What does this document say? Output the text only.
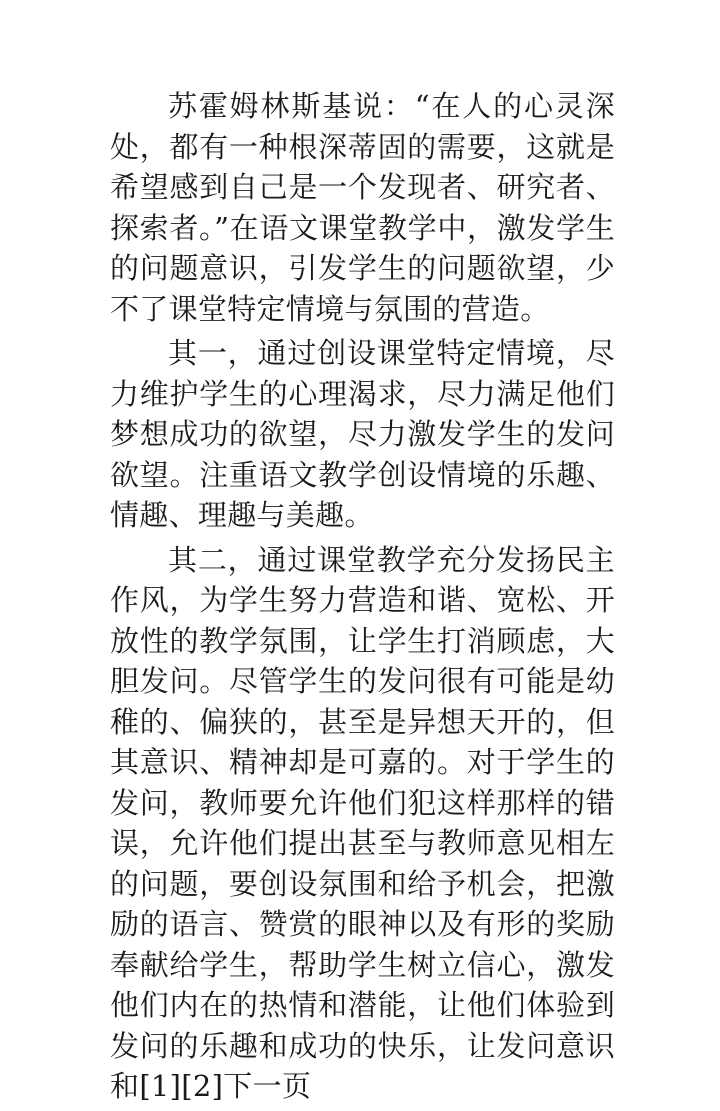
苏霍姆林斯基说：“在人的心灵深处，都有一种根深蒂固的需要，这就是希望感到自己是一个发现者、研究者、探索者。”在语文课堂教学中，激发学生的问题意识，引发学生的问题欲望，少不了课堂特定情境与氛围的营造。

其一，通过创设课堂特定情境，尽力维护学生的心理渴求，尽力满足他们梦想成功的欲望，尽力激发学生的发问欲望。注重语文教学创设情境的乐趣、情趣、理趣与美趣。

其二，通过课堂教学充分发扬民主作风，为学生努力营造和谐、宽松、开放性的教学氛围，让学生打消顾虑，大胆发问。尽管学生的发问很有可能是幼稚的、偏狭的，甚至是异想天开的，但其意识、精神却是可嘉的。对于学生的发问，教师要允许他们犯这样那样的错误，允许他们提出甚至与教师意见相左的问题，要创设氛围和给予机会，把激励的语言、赞赏的眼神以及有形的奖励奉献给学生，帮助学生树立信心，激发他们内在的热情和潜能，让他们体验到发问的乐趣和成功的快乐，让发问意识和[1][2]下一页
